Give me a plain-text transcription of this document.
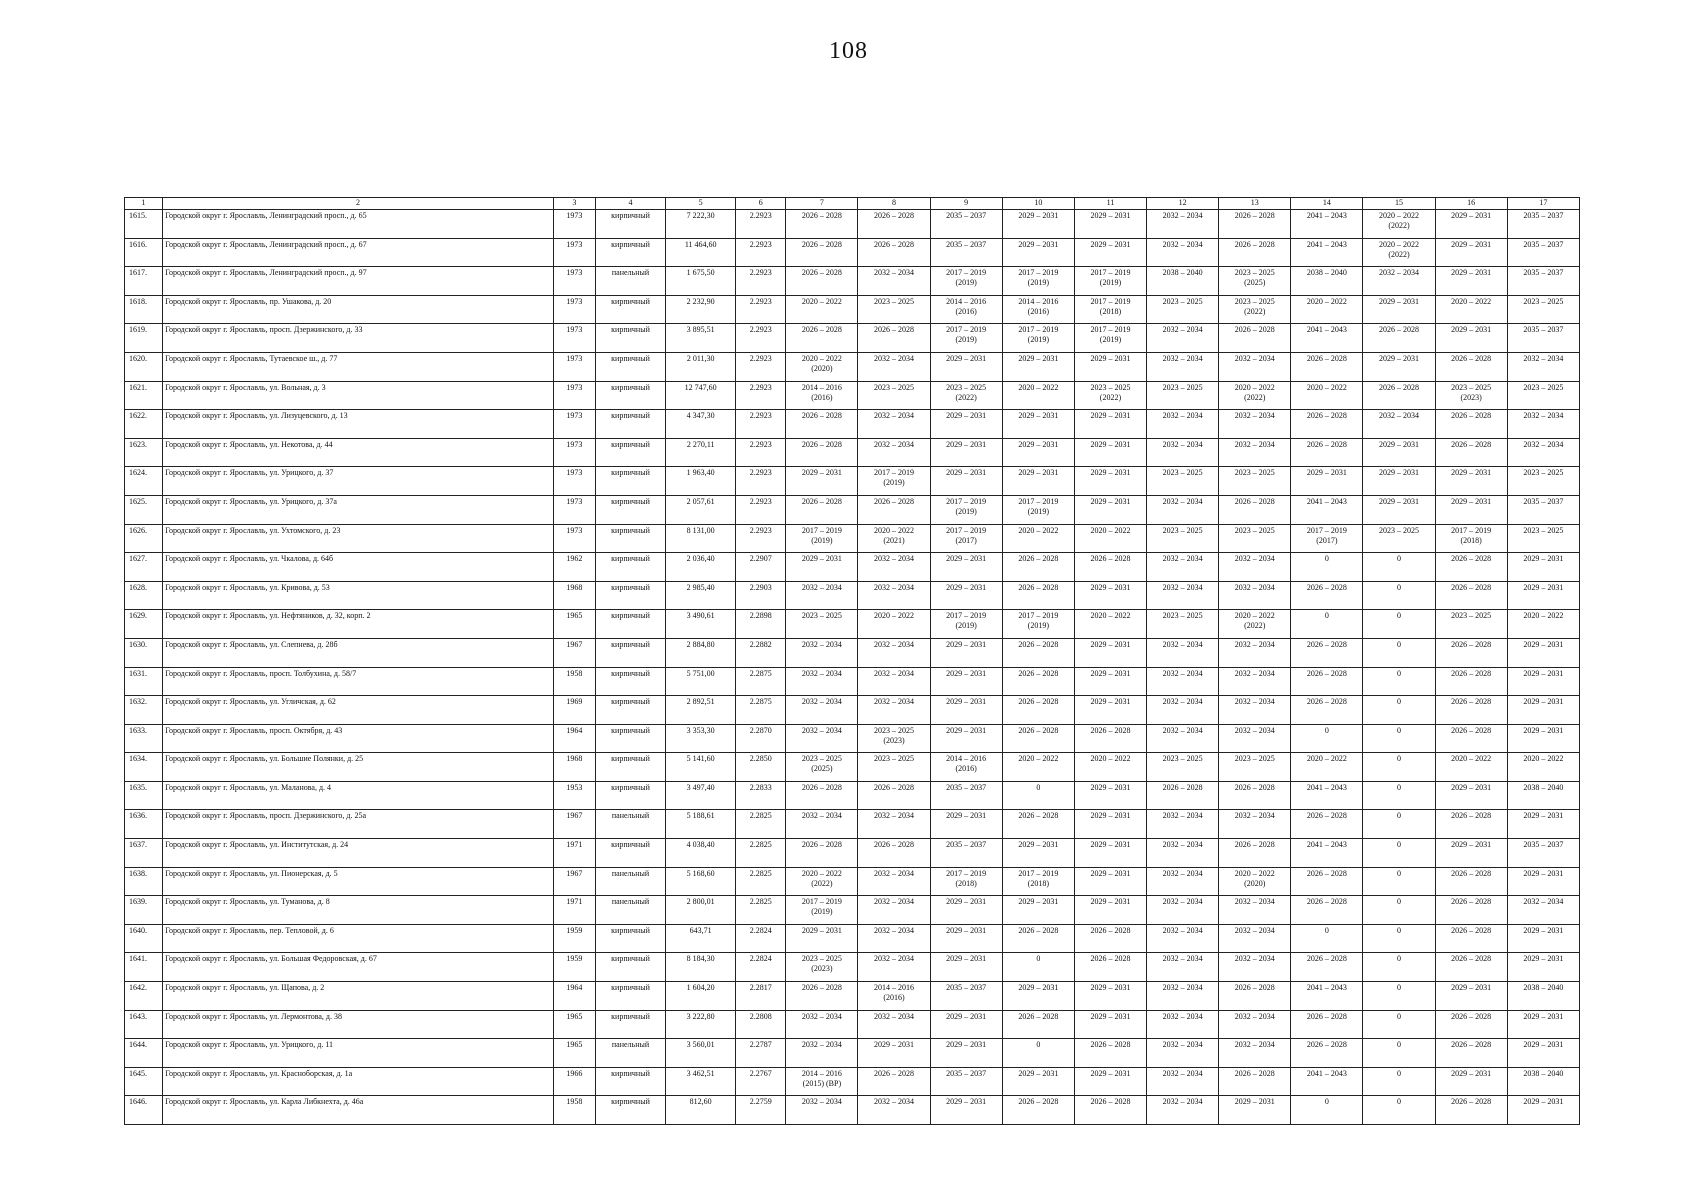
108
1	2	3	4	5	6	7	8	9	10	11	12	13	14	15	16	17
1615.	Городской округ г. Ярославль, Ленинградский просп., д. 65	1973	кирпичный	7 222,30	2.2923	2026 – 2028	2026 – 2028	2035 – 2037	2029 – 2031	2029 – 2031	2032 – 2034	2026 – 2028	2041 – 2043	2020 – 2022
(2022)	2029 – 2031	2035 – 2037
1616.	Городской округ г. Ярославль, Ленинградский просп., д. 67	1973	кирпичный	11 464,60	2.2923	2026 – 2028	2026 – 2028	2035 – 2037	2029 – 2031	2029 – 2031	2032 – 2034	2026 – 2028	2041 – 2043	2020 – 2022
(2022)	2029 – 2031	2035 – 2037
1617.	Городской округ г. Ярославль, Ленинградский просп., д. 97	1973	панельный	1 675,50	2.2923	2026 – 2028	2032 – 2034	2017 – 2019
(2019)	2017 – 2019
(2019)	2017 – 2019
(2019)	2038 – 2040	2023 – 2025
(2025)	2038 – 2040	2032 – 2034	2029 – 2031	2035 – 2037
1618.	Городской округ г. Ярославль, пр. Ушакова, д. 20	1973	кирпичный	2 232,90	2.2923	2020 – 2022	2023 – 2025	2014 – 2016
(2016)	2014 – 2016
(2016)	2017 – 2019
(2018)	2023 – 2025	2023 – 2025
(2022)	2020 – 2022	2029 – 2031	2020 – 2022	2023 – 2025
1619.	Городской округ г. Ярославль, просп. Дзержинского, д. 33	1973	кирпичный	3 895,51	2.2923	2026 – 2028	2026 – 2028	2017 – 2019
(2019)	2017 – 2019
(2019)	2017 – 2019
(2019)	2032 – 2034	2026 – 2028	2041 – 2043	2026 – 2028	2029 – 2031	2035 – 2037
1620.	Городской округ г. Ярославль, Тутаевское ш., д. 77	1973	кирпичный	2 011,30	2.2923	2020 – 2022
(2020)	2032 – 2034	2029 – 2031	2029 – 2031	2029 – 2031	2032 – 2034	2032 – 2034	2026 – 2028	2029 – 2031	2026 – 2028	2032 – 2034
1621.	Городской округ г. Ярославль, ул. Вольная, д. 3	1973	кирпичный	12 747,60	2.2923	2014 – 2016
(2016)	2023 – 2025	2023 – 2025
(2022)	2020 – 2022	2023 – 2025
(2022)	2023 – 2025	2020 – 2022
(2022)	2020 – 2022	2026 – 2028	2023 – 2025
(2023)	2023 – 2025
1622.	Городской округ г. Ярославль, ул. Лизуцевского, д. 13	1973	кирпичный	4 347,30	2.2923	2026 – 2028	2032 – 2034	2029 – 2031	2029 – 2031	2029 – 2031	2032 – 2034	2032 – 2034	2026 – 2028	2032 – 2034	2026 – 2028	2032 – 2034
1623.	Городской округ г. Ярославль, ул. Некотова, д. 44	1973	кирпичный	2 270,11	2.2923	2026 – 2028	2032 – 2034	2029 – 2031	2029 – 2031	2029 – 2031	2032 – 2034	2032 – 2034	2026 – 2028	2029 – 2031	2026 – 2028	2032 – 2034
1624.	Городской округ г. Ярославль, ул. Урицкого, д. 37	1973	кирпичный	1 963,40	2.2923	2029 – 2031	2017 – 2019
(2019)	2029 – 2031	2029 – 2031	2029 – 2031	2023 – 2025	2023 – 2025	2029 – 2031	2029 – 2031	2029 – 2031	2023 – 2025
1625.	Городской округ г. Ярославль, ул. Урицкого, д. 37а	1973	кирпичный	2 057,61	2.2923	2026 – 2028	2026 – 2028	2017 – 2019
(2019)	2017 – 2019
(2019)	2029 – 2031	2032 – 2034	2026 – 2028	2041 – 2043	2029 – 2031	2029 – 2031	2035 – 2037
1626.	Городской округ г. Ярославль, ул. Ухтомского, д. 23	1973	кирпичный	8 131,00	2.2923	2017 – 2019
(2019)	2020 – 2022
(2021)	2017 – 2019
(2017)	2020 – 2022	2020 – 2022	2023 – 2025	2023 – 2025	2017 – 2019
(2017)	2023 – 2025	2017 – 2019
(2018)	2023 – 2025
1627.	Городской округ г. Ярославль, ул. Чкалова, д. 64б	1962	кирпичный	2 036,40	2.2907	2029 – 2031	2032 – 2034	2029 – 2031	2026 – 2028	2026 – 2028	2032 – 2034	2032 – 2034	0	0	2026 – 2028	2029 – 2031
1628.	Городской округ г. Ярославль, ул. Кривова, д. 53	1968	кирпичный	2 985,40	2.2903	2032 – 2034	2032 – 2034	2029 – 2031	2026 – 2028	2029 – 2031	2032 – 2034	2032 – 2034	2026 – 2028	0	2026 – 2028	2029 – 2031
1629.	Городской округ г. Ярославль, ул. Нефтяников, д. 32, корп. 2	1965	кирпичный	3 490,61	2.2898	2023 – 2025	2020 – 2022	2017 – 2019
(2019)	2017 – 2019
(2019)	2020 – 2022	2023 – 2025	2020 – 2022
(2022)	0	0	2023 – 2025	2020 – 2022
1630.	Городской округ г. Ярославль, ул. Слепнева, д. 28б	1967	кирпичный	2 884,80	2.2882	2032 – 2034	2032 – 2034	2029 – 2031	2026 – 2028	2029 – 2031	2032 – 2034	2032 – 2034	2026 – 2028	0	2026 – 2028	2029 – 2031
1631.	Городской округ г. Ярославль, просп. Толбухина, д. 58/7	1958	кирпичный	5 751,00	2.2875	2032 – 2034	2032 – 2034	2029 – 2031	2026 – 2028	2029 – 2031	2032 – 2034	2032 – 2034	2026 – 2028	0	2026 – 2028	2029 – 2031
1632.	Городской округ г. Ярославль, ул. Угличская, д. 62	1969	кирпичный	2 892,51	2.2875	2032 – 2034	2032 – 2034	2029 – 2031	2026 – 2028	2029 – 2031	2032 – 2034	2032 – 2034	2026 – 2028	0	2026 – 2028	2029 – 2031
1633.	Городской округ г. Ярославль, просп. Октября, д. 43	1964	кирпичный	3 353,30	2.2870	2032 – 2034	2023 – 2025
(2023)	2029 – 2031	2026 – 2028	2026 – 2028	2032 – 2034	2032 – 2034	0	0	2026 – 2028	2029 – 2031
1634.	Городской округ г. Ярославль, ул. Большие Полянки, д. 25	1968	кирпичный	5 141,60	2.2850	2023 – 2025
(2025)	2023 – 2025	2014 – 2016
(2016)	2020 – 2022	2020 – 2022	2023 – 2025	2023 – 2025	2020 – 2022	0	2020 – 2022	2020 – 2022
1635.	Городской округ г. Ярославль, ул. Маланова, д. 4	1953	кирпичный	3 497,40	2.2833	2026 – 2028	2026 – 2028	2035 – 2037	0	2029 – 2031	2026 – 2028	2026 – 2028	2041 – 2043	0	2029 – 2031	2038 – 2040
1636.	Городской округ г. Ярославль, просп. Дзержинского, д. 25а	1967	панельный	5 188,61	2.2825	2032 – 2034	2032 – 2034	2029 – 2031	2026 – 2028	2029 – 2031	2032 – 2034	2032 – 2034	2026 – 2028	0	2026 – 2028	2029 – 2031
1637.	Городской округ г. Ярославль, ул. Институтская, д. 24	1971	кирпичный	4 038,40	2.2825	2026 – 2028	2026 – 2028	2035 – 2037	2029 – 2031	2029 – 2031	2032 – 2034	2026 – 2028	2041 – 2043	0	2029 – 2031	2035 – 2037
1638.	Городской округ г. Ярославль, ул. Пионерская, д. 5	1967	панельный	5 168,60	2.2825	2020 – 2022
(2022)	2032 – 2034	2017 – 2019
(2018)	2017 – 2019
(2018)	2029 – 2031	2032 – 2034	2020 – 2022
(2020)	2026 – 2028	0	2026 – 2028	2029 – 2031
1639.	Городской округ г. Ярославль, ул. Туманова, д. 8	1971	панельный	2 800,01	2.2825	2017 – 2019
(2019)	2032 – 2034	2029 – 2031	2029 – 2031	2029 – 2031	2032 – 2034	2032 – 2034	2026 – 2028	0	2026 – 2028	2032 – 2034
1640.	Городской округ г. Ярославль, пер. Тепловой, д. 6	1959	кирпичный	643,71	2.2824	2029 – 2031	2032 – 2034	2029 – 2031	2026 – 2028	2026 – 2028	2032 – 2034	2032 – 2034	0	0	2026 – 2028	2029 – 2031
1641.	Городской округ г. Ярославль, ул. Большая Федоровская, д. 67	1959	кирпичный	8 184,30	2.2824	2023 – 2025
(2023)	2032 – 2034	2029 – 2031	0	2026 – 2028	2032 – 2034	2032 – 2034	2026 – 2028	0	2026 – 2028	2029 – 2031
1642.	Городской округ г. Ярославль, ул. Щапова, д. 2	1964	кирпичный	1 604,20	2.2817	2026 – 2028	2014 – 2016
(2016)	2035 – 2037	2029 – 2031	2029 – 2031	2032 – 2034	2026 – 2028	2041 – 2043	0	2029 – 2031	2038 – 2040
1643.	Городской округ г. Ярославль, ул. Лермонтова, д. 38	1965	кирпичный	3 222,80	2.2808	2032 – 2034	2032 – 2034	2029 – 2031	2026 – 2028	2029 – 2031	2032 – 2034	2032 – 2034	2026 – 2028	0	2026 – 2028	2029 – 2031
1644.	Городской округ г. Ярославль, ул. Урицкого, д. 11	1965	панельный	3 560,01	2.2787	2032 – 2034	2029 – 2031	2029 – 2031	0	2026 – 2028	2032 – 2034	2032 – 2034	2026 – 2028	0	2026 – 2028	2029 – 2031
1645.	Городской округ г. Ярославль, ул. Красноборская, д. 1а	1966	кирпичный	3 462,51	2.2767	2014 – 2016
(2015) (ВР)	2026 – 2028	2035 – 2037	2029 – 2031	2029 – 2031	2032 – 2034	2026 – 2028	2041 – 2043	0	2029 – 2031	2038 – 2040
1646.	Городской округ г. Ярославль, ул. Карла Либкнехта, д. 46а	1958	кирпичный	812,60	2.2759	2032 – 2034	2032 – 2034	2029 – 2031	2026 – 2028	2026 – 2028	2032 – 2034	2029 – 2031	0	0	2026 – 2028	2029 – 2031
